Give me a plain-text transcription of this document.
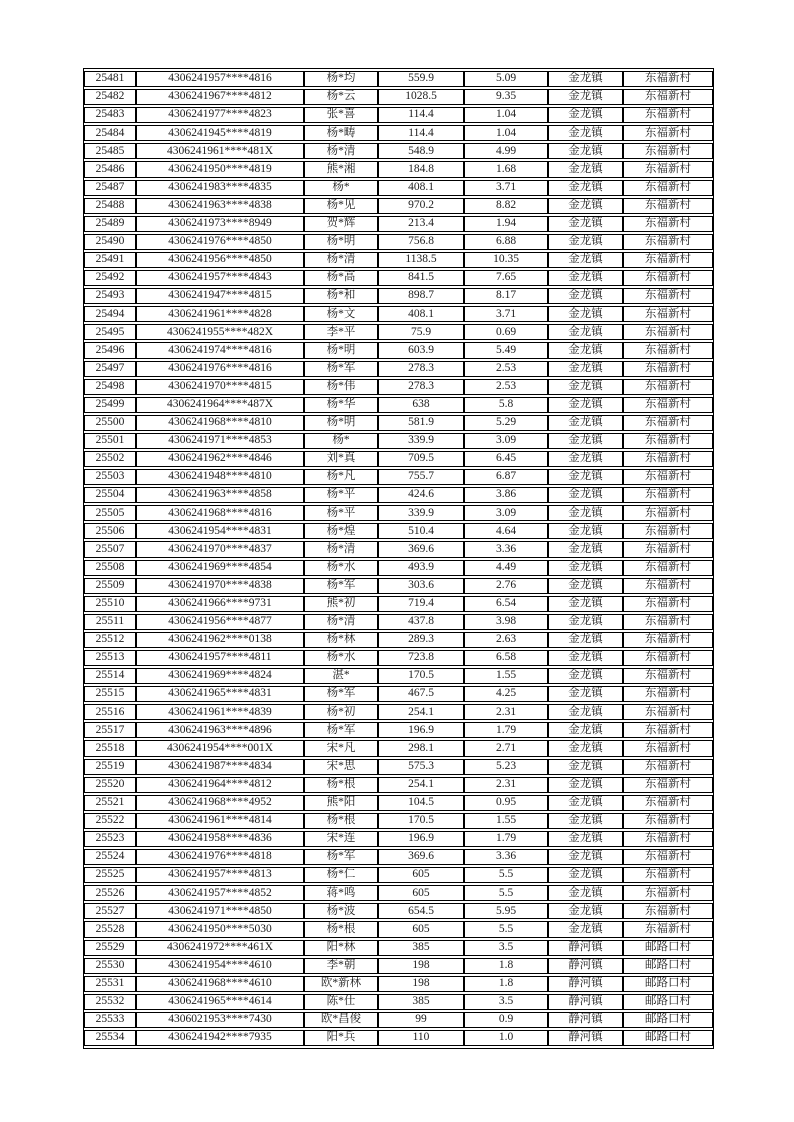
25481	4306241957****4816	杨*均	559.9	5.09	金龙镇	东福新村
25482	4306241967****4812	杨*云	1028.5	9.35	金龙镇	东福新村
25483	4306241977****4823	张*喜	114.4	1.04	金龙镇	东福新村
25484	4306241945****4819	杨*畴	114.4	1.04	金龙镇	东福新村
25485	4306241961****481X	杨*清	548.9	4.99	金龙镇	东福新村
25486	4306241950****4819	熊*湘	184.8	1.68	金龙镇	东福新村
25487	4306241983****4835	杨*	408.1	3.71	金龙镇	东福新村
25488	4306241963****4838	杨*见	970.2	8.82	金龙镇	东福新村
25489	4306241973****8949	贺*辉	213.4	1.94	金龙镇	东福新村
25490	4306241976****4850	杨*明	756.8	6.88	金龙镇	东福新村
25491	4306241956****4850	杨*清	1138.5	10.35	金龙镇	东福新村
25492	4306241957****4843	杨*高	841.5	7.65	金龙镇	东福新村
25493	4306241947****4815	杨*和	898.7	8.17	金龙镇	东福新村
25494	4306241961****4828	杨*文	408.1	3.71	金龙镇	东福新村
25495	4306241955****482X	李*平	75.9	0.69	金龙镇	东福新村
25496	4306241974****4816	杨*明	603.9	5.49	金龙镇	东福新村
25497	4306241976****4816	杨*军	278.3	2.53	金龙镇	东福新村
25498	4306241970****4815	杨*伟	278.3	2.53	金龙镇	东福新村
25499	4306241964****487X	杨*华	638	5.8	金龙镇	东福新村
25500	4306241968****4810	杨*明	581.9	5.29	金龙镇	东福新村
25501	4306241971****4853	杨*	339.9	3.09	金龙镇	东福新村
25502	4306241962****4846	刘*真	709.5	6.45	金龙镇	东福新村
25503	4306241948****4810	杨*凡	755.7	6.87	金龙镇	东福新村
25504	4306241963****4858	杨*平	424.6	3.86	金龙镇	东福新村
25505	4306241968****4816	杨*平	339.9	3.09	金龙镇	东福新村
25506	4306241954****4831	杨*煌	510.4	4.64	金龙镇	东福新村
25507	4306241970****4837	杨*清	369.6	3.36	金龙镇	东福新村
25508	4306241969****4854	杨*水	493.9	4.49	金龙镇	东福新村
25509	4306241970****4838	杨*军	303.6	2.76	金龙镇	东福新村
25510	4306241966****9731	熊*初	719.4	6.54	金龙镇	东福新村
25511	4306241956****4877	杨*清	437.8	3.98	金龙镇	东福新村
25512	4306241962****0138	杨*林	289.3	2.63	金龙镇	东福新村
25513	4306241957****4811	杨*水	723.8	6.58	金龙镇	东福新村
25514	4306241969****4824	湛*	170.5	1.55	金龙镇	东福新村
25515	4306241965****4831	杨*军	467.5	4.25	金龙镇	东福新村
25516	4306241961****4839	杨*初	254.1	2.31	金龙镇	东福新村
25517	4306241963****4896	杨*军	196.9	1.79	金龙镇	东福新村
25518	4306241954****001X	宋*凡	298.1	2.71	金龙镇	东福新村
25519	4306241987****4834	宋*思	575.3	5.23	金龙镇	东福新村
25520	4306241964****4812	杨*根	254.1	2.31	金龙镇	东福新村
25521	4306241968****4952	熊*阳	104.5	0.95	金龙镇	东福新村
25522	4306241961****4814	杨*根	170.5	1.55	金龙镇	东福新村
25523	4306241958****4836	宋*连	196.9	1.79	金龙镇	东福新村
25524	4306241976****4818	杨*军	369.6	3.36	金龙镇	东福新村
25525	4306241957****4813	杨*仁	605	5.5	金龙镇	东福新村
25526	4306241957****4852	蒋*鸣	605	5.5	金龙镇	东福新村
25527	4306241971****4850	杨*波	654.5	5.95	金龙镇	东福新村
25528	4306241950****5030	杨*根	605	5.5	金龙镇	东福新村
25529	4306241972****461X	阳*林	385	3.5	静河镇	邮路口村
25530	4306241954****4610	李*朝	198	1.8	静河镇	邮路口村
25531	4306241968****4610	欧*新林	198	1.8	静河镇	邮路口村
25532	4306241965****4614	陈*仕	385	3.5	静河镇	邮路口村
25533	4306021953****7430	欧*昌俊	99	0.9	静河镇	邮路口村
25534	4306241942****7935	阳*兵	110	1.0	静河镇	邮路口村
